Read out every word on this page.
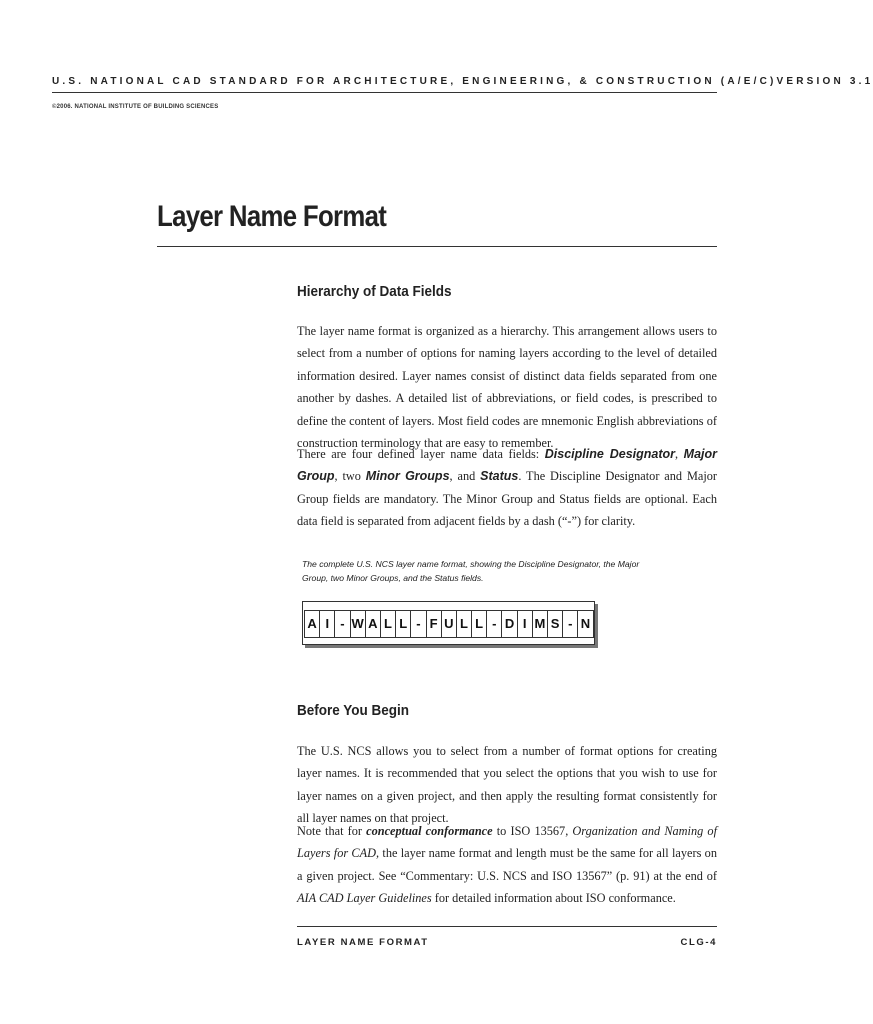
U.S. NATIONAL CAD STANDARD FOR ARCHITECTURE, ENGINEERING, & CONSTRUCTION (A/E/C) VERSION 3.1
©2006. NATIONAL INSTITUTE OF BUILDING SCIENCES
Layer Name Format
Hierarchy of Data Fields
The layer name format is organized as a hierarchy. This arrangement allows users to select from a number of options for naming layers according to the level of detailed information desired. Layer names consist of distinct data fields separated from one another by dashes. A detailed list of abbreviations, or field codes, is prescribed to define the content of layers. Most field codes are mnemonic English abbreviations of construction terminology that are easy to remember.
There are four defined layer name data fields: Discipline Designator, Major Group, two Minor Groups, and Status. The Discipline Designator and Major Group fields are mandatory. The Minor Group and Status fields are optional. Each data field is separated from adjacent fields by a dash (“-”) for clarity.
The complete U.S. NCS layer name format, showing the Discipline Designator, the Major Group, two Minor Groups, and the Status fields.
A I - W A L L - F U L L - D I M S - N
Before You Begin
The U.S. NCS allows you to select from a number of format options for creating layer names. It is recommended that you select the options that you wish to use for layer names on a given project, and then apply the resulting format consistently for all layer names on that project.
Note that for conceptual conformance to ISO 13567, Organization and Naming of Layers for CAD, the layer name format and length must be the same for all layers on a given project. See “Commentary: U.S. NCS and ISO 13567” (p. 91) at the end of AIA CAD Layer Guidelines for detailed information about ISO conformance.
LAYER NAME FORMAT	CLG-4
